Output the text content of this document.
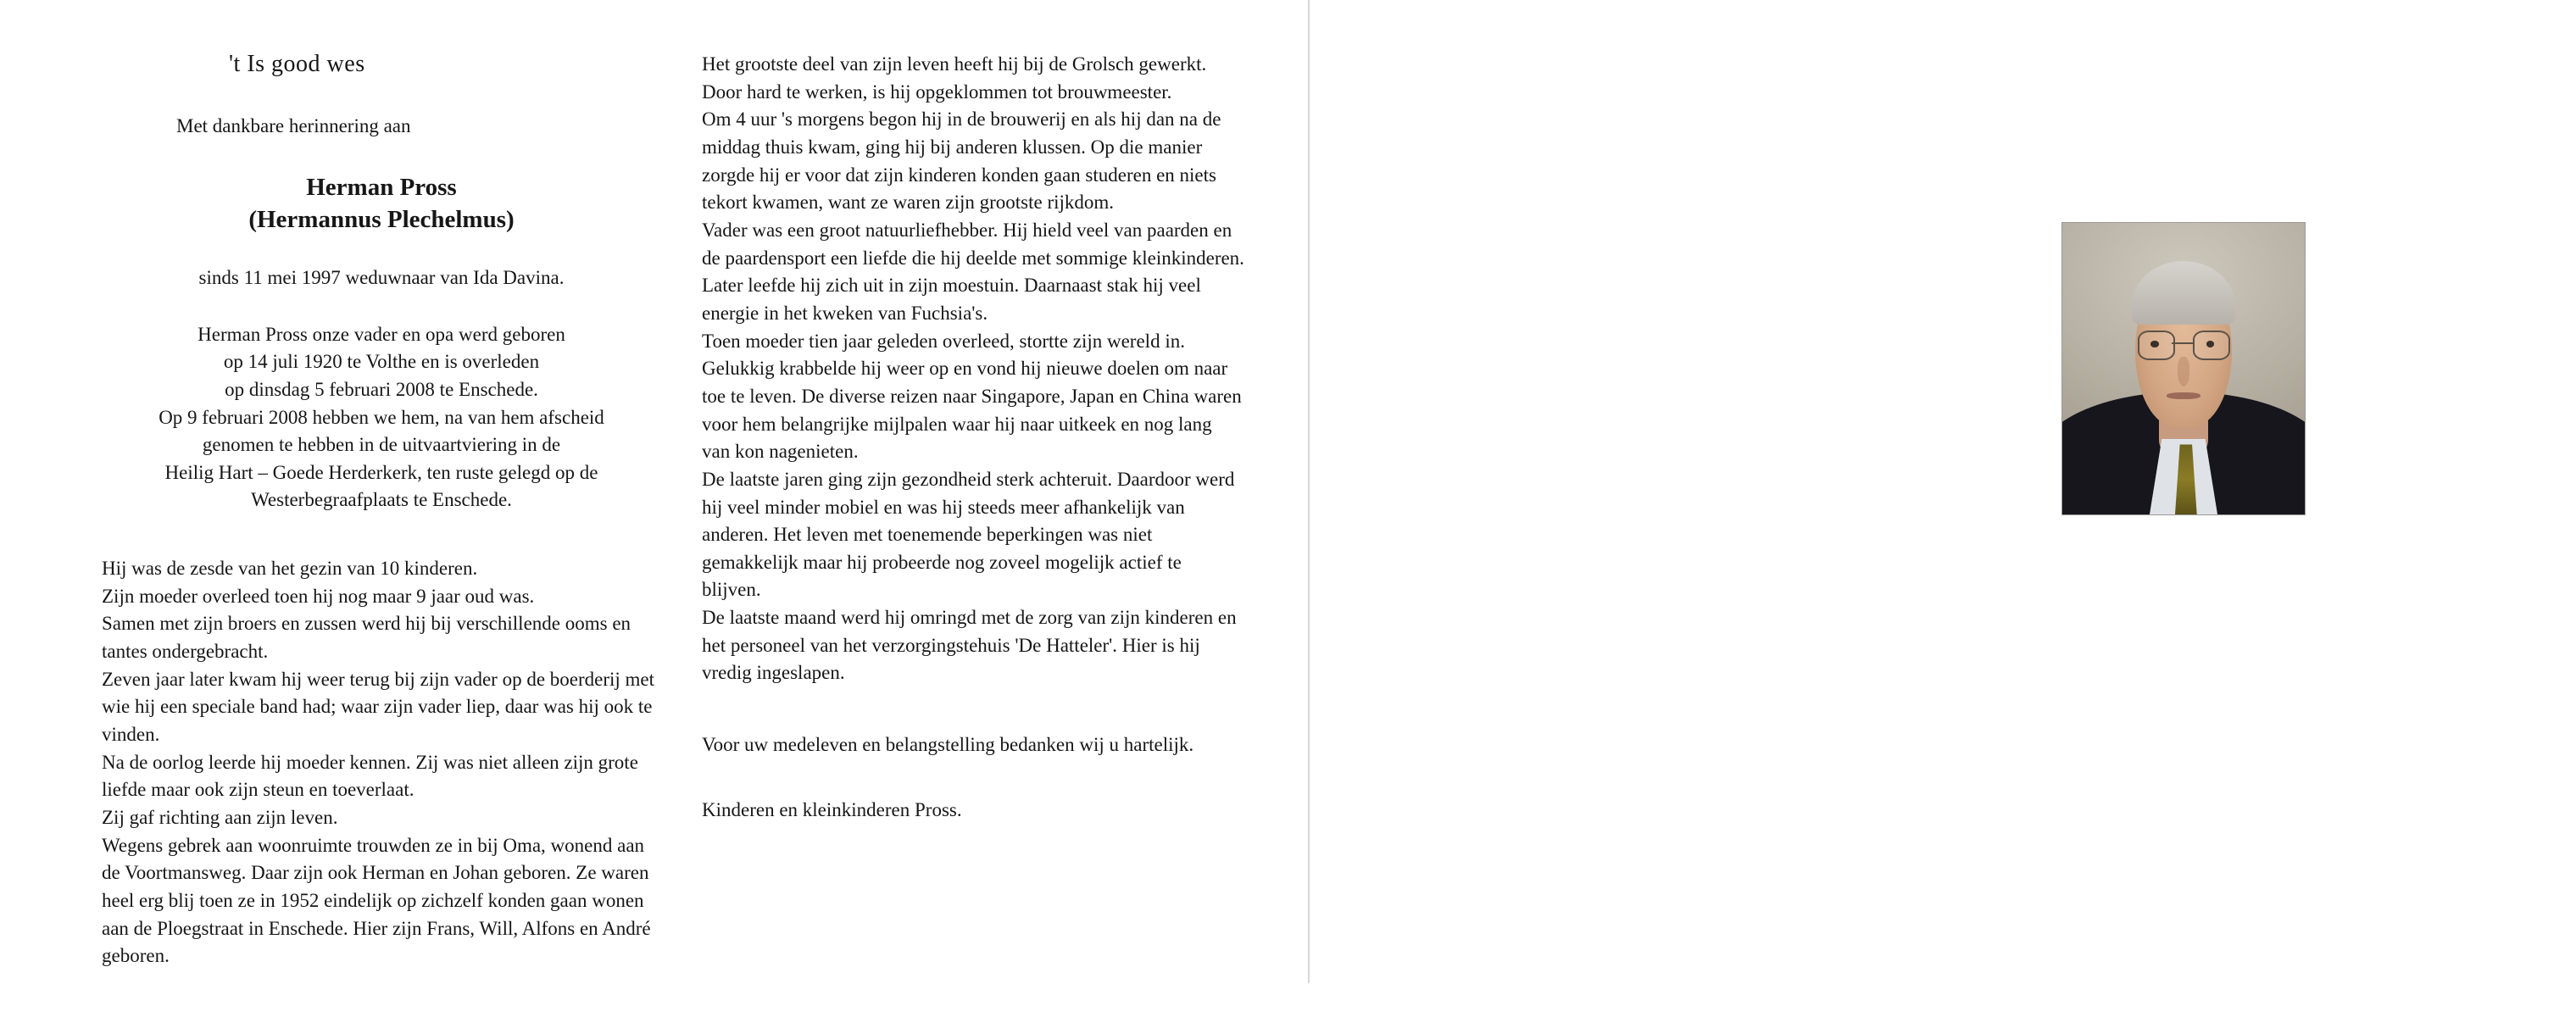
't Is good wes
Met dankbare herinnering aan
Herman Pross
(Hermannus Plechelmus)
sinds 11 mei 1997 weduwnaar van Ida Davina.
Herman Pross onze vader en opa werd geboren
op 14 juli 1920 te Volthe en is overleden
op dinsdag 5 februari 2008 te Enschede.
Op 9 februari 2008 hebben we hem, na van hem afscheid
genomen te hebben in de uitvaartviering in de
Heilig Hart – Goede Herderkerk, ten ruste gelegd op de
Westerbegraafplaats te Enschede.

Hij was de zesde van het gezin van 10 kinderen.

Zijn moeder overleed toen hij nog maar 9 jaar oud was.

Samen met zijn broers en zussen werd hij bij verschillende ooms en tantes ondergebracht.

Zeven jaar later kwam hij weer terug bij zijn vader op de boerderij met wie hij een speciale band had; waar zijn vader liep, daar was hij ook te vinden.

Na de oorlog leerde hij moeder kennen. Zij was niet alleen zijn grote liefde maar ook zijn steun en toeverlaat.

Zij gaf richting aan zijn leven.

Wegens gebrek aan woonruimte trouwden ze in bij Oma, wonend aan de Voortmansweg. Daar zijn ook Herman en Johan geboren. Ze waren heel erg blij toen ze in 1952 eindelijk op zichzelf konden gaan wonen aan de Ploegstraat in Enschede. Hier zijn Frans, Will, Alfons en André geboren.

Het grootste deel van zijn leven heeft hij bij de Grolsch gewerkt. Door hard te werken, is hij opgeklommen tot brouwmeester.

Om 4 uur 's morgens begon hij in de brouwerij en als hij dan na de middag thuis kwam, ging hij bij anderen klussen. Op die manier zorgde hij er voor dat zijn kinderen konden gaan studeren en niets tekort kwamen, want ze waren zijn grootste rijkdom.

Vader was een groot natuurliefhebber. Hij hield veel van paarden en de paardensport een liefde die hij deelde met sommige kleinkinderen. Later leefde hij zich uit in zijn moestuin. Daarnaast stak hij veel energie in het kweken van Fuchsia's.

Toen moeder tien jaar geleden overleed, stortte zijn wereld in. Gelukkig krabbelde hij weer op en vond hij nieuwe doelen om naar toe te leven. De diverse reizen naar Singapore, Japan en China waren voor hem belangrijke mijlpalen waar hij naar uitkeek en nog lang van kon nagenieten.

De laatste jaren ging zijn gezondheid sterk achteruit. Daardoor werd hij veel minder mobiel en was hij steeds meer afhankelijk van anderen. Het leven met toenemende beperkingen was niet gemakkelijk maar hij probeerde nog zoveel mogelijk actief te blijven.

De laatste maand werd hij omringd met de zorg van zijn kinderen en het personeel van het verzorgingstehuis 'De Hatteler'. Hier is hij vredig ingeslapen.

Voor uw medeleven en belangstelling bedanken wij u hartelijk.
Kinderen en kleinkinderen Pross.
